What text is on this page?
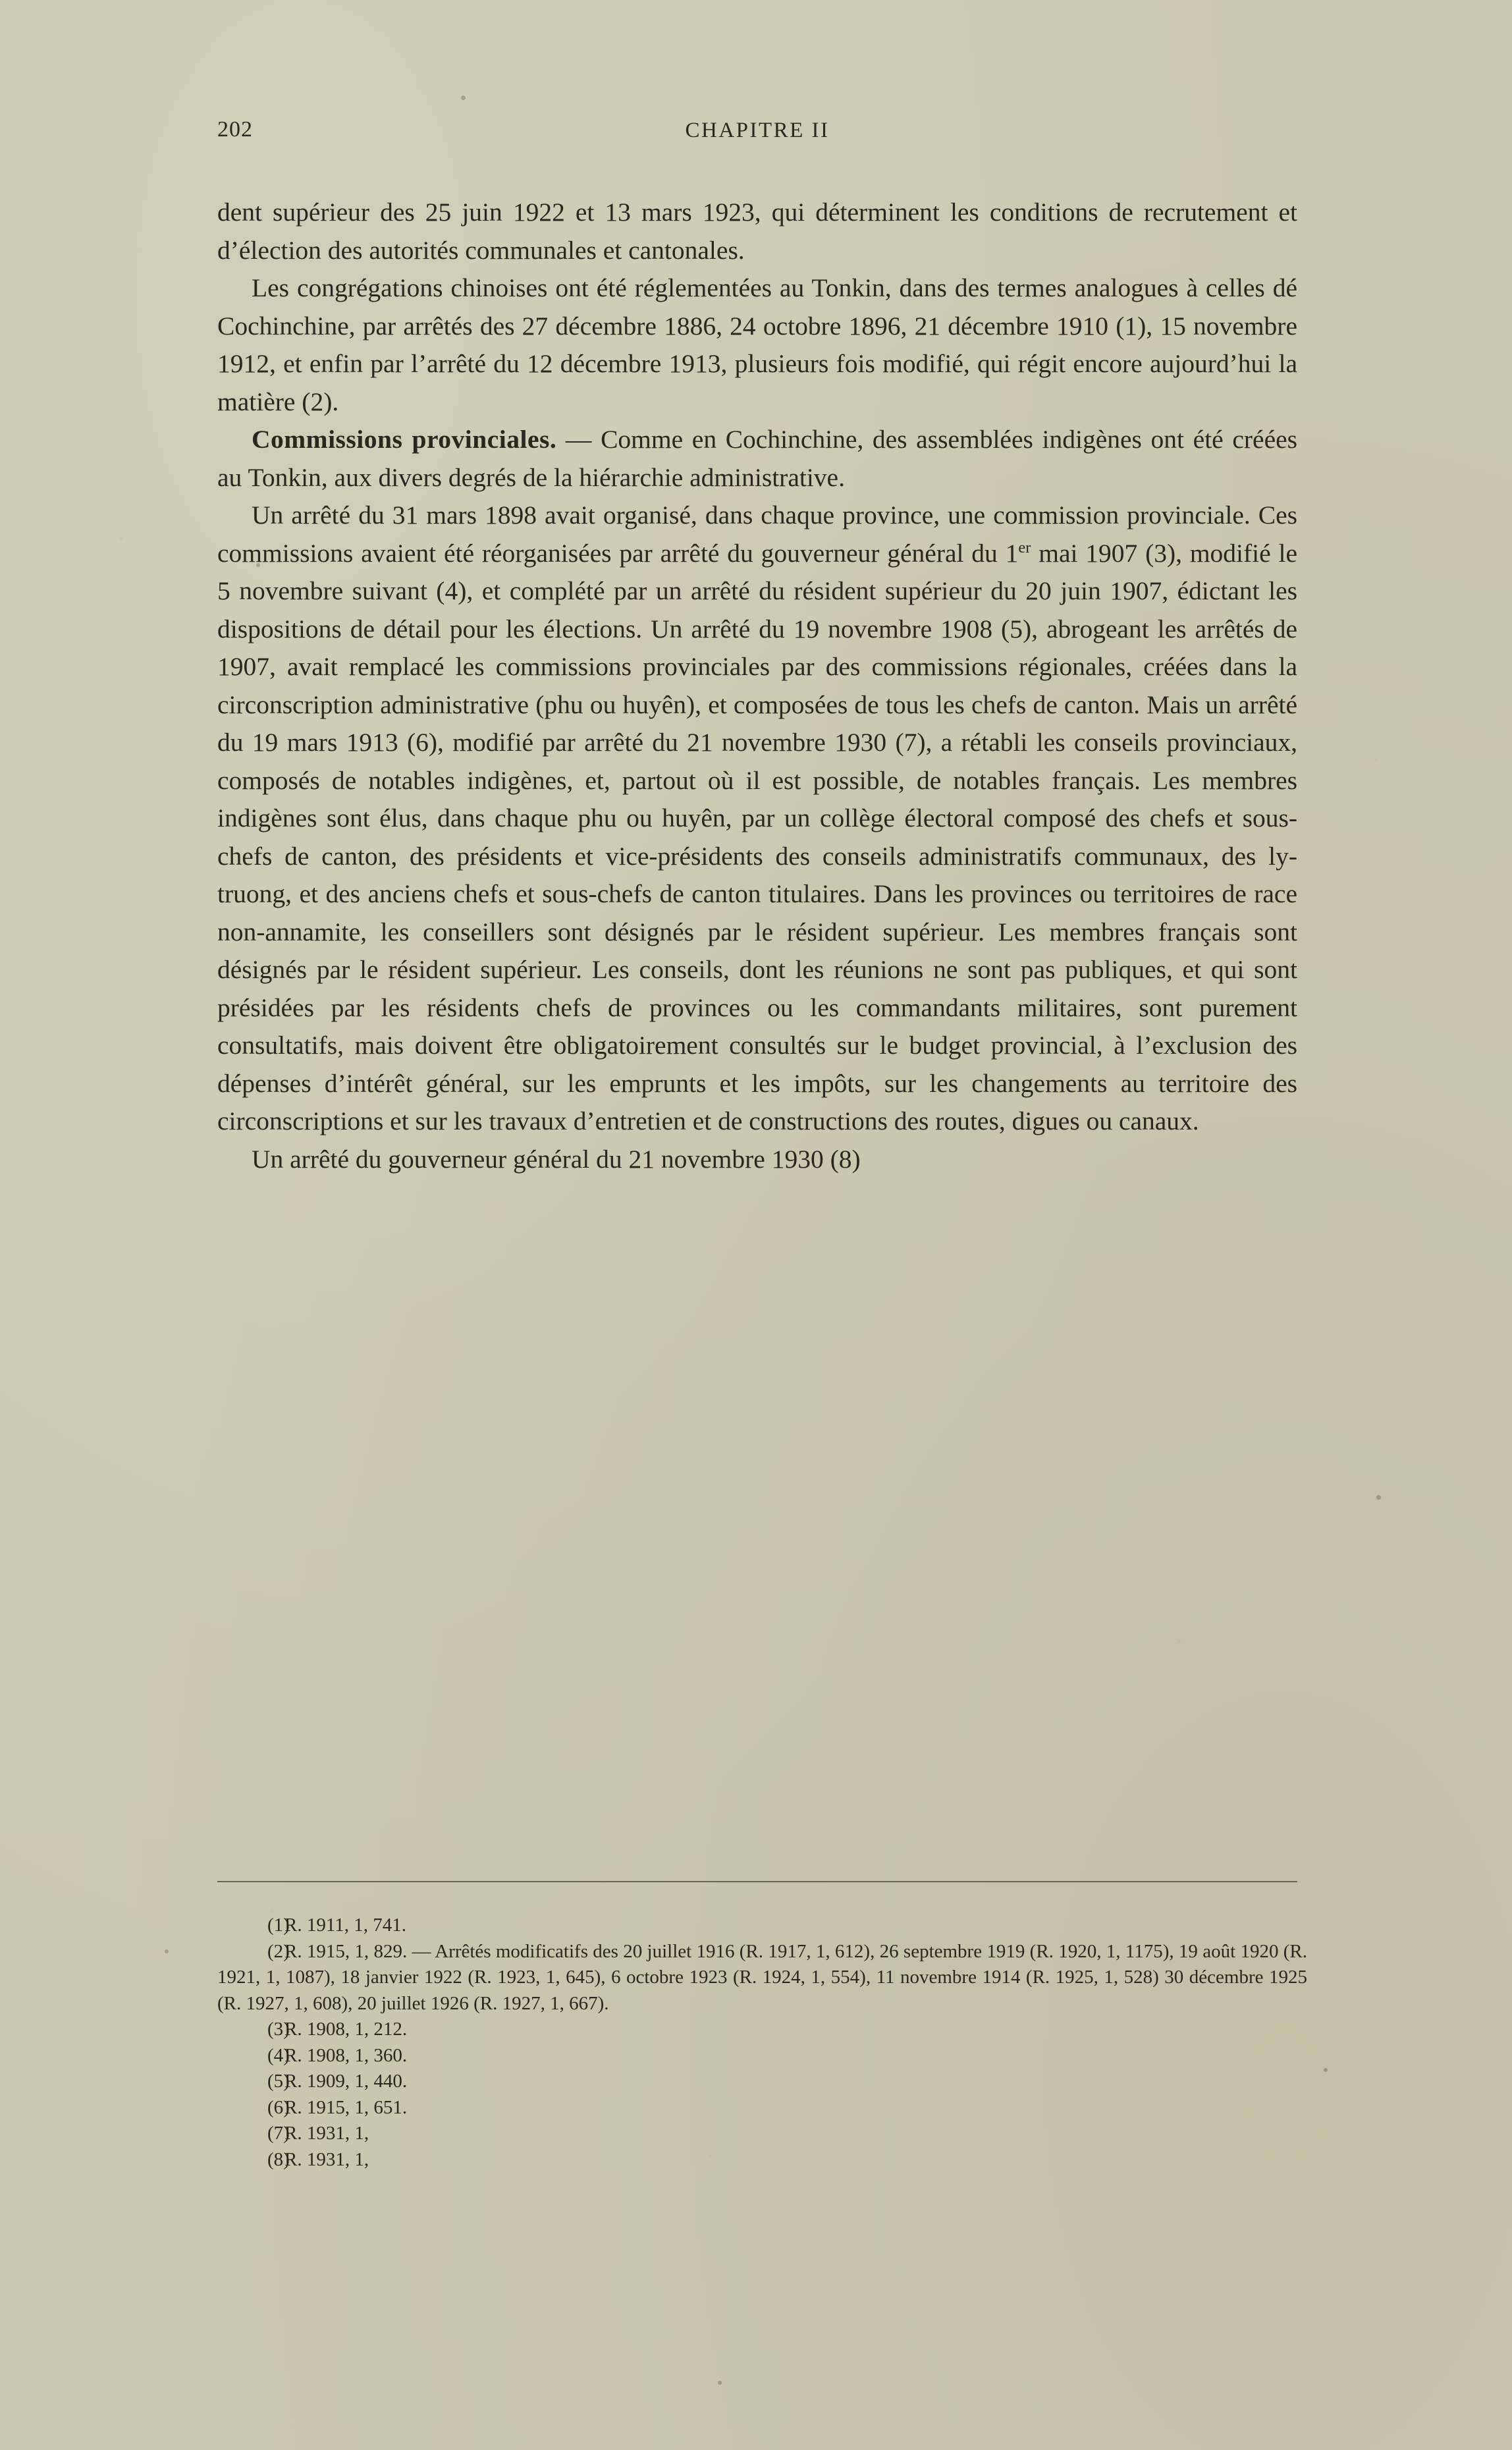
202	CHAPITRE II

dent supérieur des 25 juin 1922 et 13 mars 1923, qui déterminent les conditions de recrutement et d’élection des autorités communales et cantonales.

Les congrégations chinoises ont été réglementées au Tonkin, dans des termes analogues à celles dé Cochinchine, par arrêtés des 27 décembre 1886, 24 octobre 1896, 21 décembre 1910 (1), 15 novembre 1912, et enfin par l’arrêté du 12 décembre 1913, plusieurs fois modifié, qui régit encore aujourd’hui la matière (2).

Commissions provinciales. — Comme en Cochinchine, des assemblées indigènes ont été créées au Tonkin, aux divers degrés de la hiérarchie administrative.

Un arrêté du 31 mars 1898 avait organisé, dans chaque province, une commission provinciale. Ces commissions avaient été réorganisées par arrêté du gouverneur général du 1er mai 1907 (3), modifié le 5 novembre suivant (4), et complété par un arrêté du résident supérieur du 20 juin 1907, édictant les dispositions de détail pour les élections. Un arrêté du 19 novembre 1908 (5), abrogeant les arrêtés de 1907, avait remplacé les commissions provinciales par des commissions régionales, créées dans la circonscription administrative (phu ou huyên), et composées de tous les chefs de canton. Mais un arrêté du 19 mars 1913 (6), modifié par arrêté du 21 novembre 1930 (7), a rétabli les conseils provinciaux, composés de notables indigènes, et, partout où il est possible, de notables français. Les membres indigènes sont élus, dans chaque phu ou huyên, par un collège électoral composé des chefs et sous-chefs de canton, des présidents et vice-présidents des conseils administratifs communaux, des ly-truong, et des anciens chefs et sous-chefs de canton titulaires. Dans les provinces ou territoires de race non-annamite, les conseillers sont désignés par le résident supérieur. Les membres français sont désignés par le résident supérieur. Les conseils, dont les réunions ne sont pas publiques, et qui sont présidées par les résidents chefs de provinces ou les commandants militaires, sont purement consultatifs, mais doivent être obligatoirement consultés sur le budget provincial, à l’exclusion des dépenses d’intérêt général, sur les emprunts et les impôts, sur les changements au territoire des circonscriptions et sur les travaux d’entretien et de constructions des routes, digues ou canaux.

Un arrêté du gouverneur général du 21 novembre 1930 (8)

(1)R. 1911, 1, 741.

(2)R. 1915, 1, 829. — Arrêtés modificatifs des 20 juillet 1916 (R. 1917, 1, 612), 26 septembre 1919 (R. 1920, 1, 1175), 19 août 1920 (R. 1921, 1, 1087), 18 janvier 1922 (R. 1923, 1, 645), 6 octobre 1923 (R. 1924, 1, 554), 11 novembre 1914 (R. 1925, 1, 528) 30 décembre 1925 (R. 1927, 1, 608), 20 juillet 1926 (R. 1927, 1, 667).

(3)R. 1908, 1, 212.

(4)R. 1908, 1, 360.

(5)R. 1909, 1, 440.

(6)R. 1915, 1, 651.

(7)R. 1931, 1,

(8)R. 1931, 1,
